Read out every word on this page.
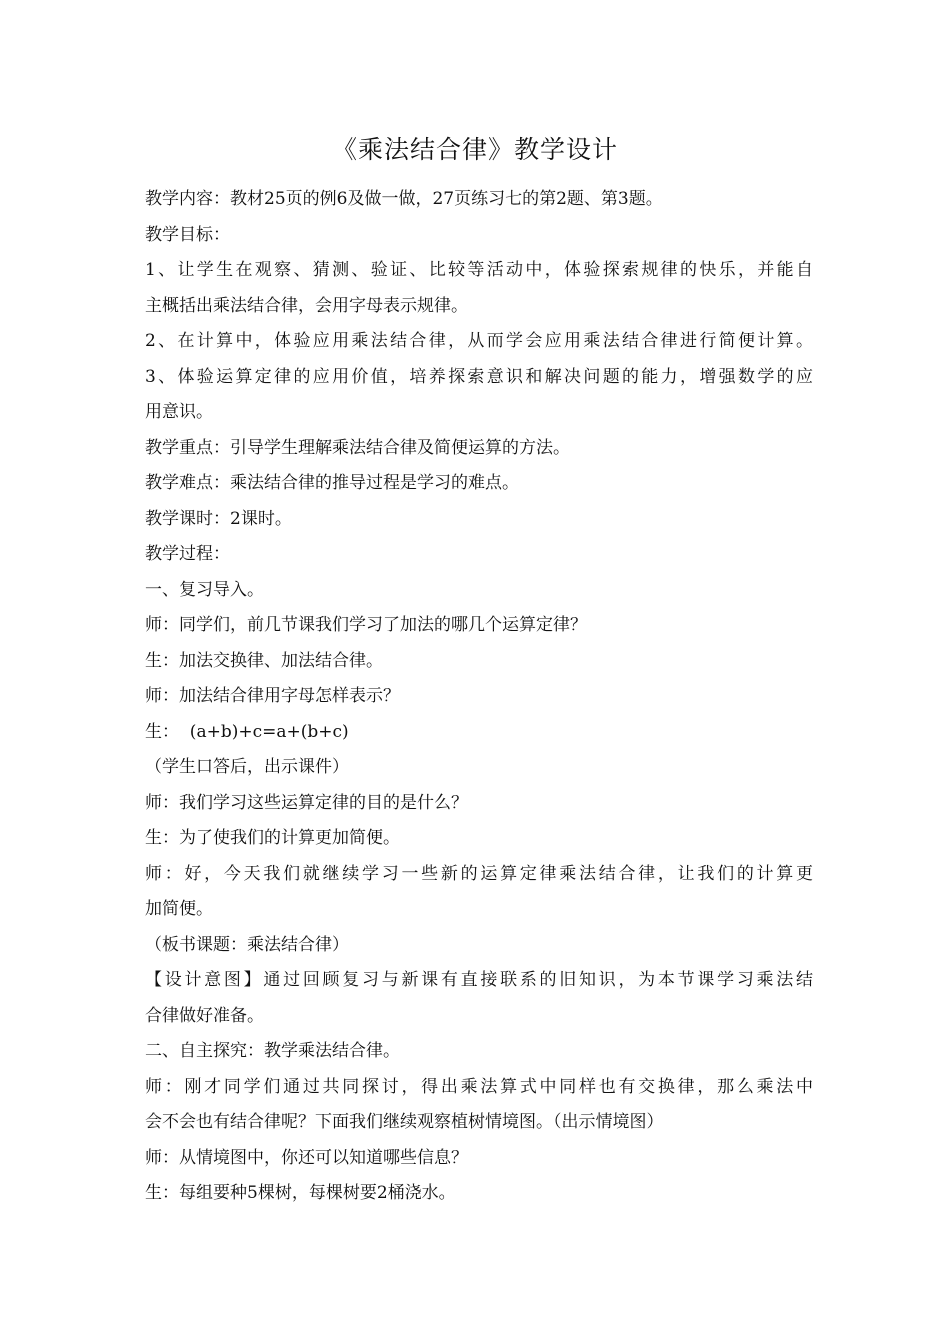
《乘法结合律》教学设计
教学内容：教材25页的例6及做一做，27页练习七的第2题、第3题。
教学目标：
1、让学生在观察、猜测、验证、比较等活动中，体验探索规律的快乐，并能自
主概括出乘法结合律，会用字母表示规律。
2、在计算中，体验应用乘法结合律，从而学会应用乘法结合律进行简便计算。
3、体验运算定律的应用价值，培养探索意识和解决问题的能力，增强数学的应
用意识。
教学重点：引导学生理解乘法结合律及简便运算的方法。
教学难点：乘法结合律的推导过程是学习的难点。
教学课时：2课时。
教学过程：
一、复习导入。
师：同学们，前几节课我们学习了加法的哪几个运算定律？
生：加法交换律、加法结合律。
师：加法结合律用字母怎样表示？
生：  (a+b)+c=a+(b+c)
（学生口答后，出示课件）
师：我们学习这些运算定律的目的是什么？
生：为了使我们的计算更加简便。
师：好，今天我们就继续学习一些新的运算定律乘法结合律，让我们的计算更
加简便。
（板书课题：乘法结合律）
【设计意图】通过回顾复习与新课有直接联系的旧知识，为本节课学习乘法结
合律做好准备。
二、自主探究：教学乘法结合律。
师：刚才同学们通过共同探讨，得出乘法算式中同样也有交换律，那么乘法中
会不会也有结合律呢？下面我们继续观察植树情境图。（出示情境图）
师：从情境图中，你还可以知道哪些信息？
生：每组要种5棵树，每棵树要2桶浇水。
